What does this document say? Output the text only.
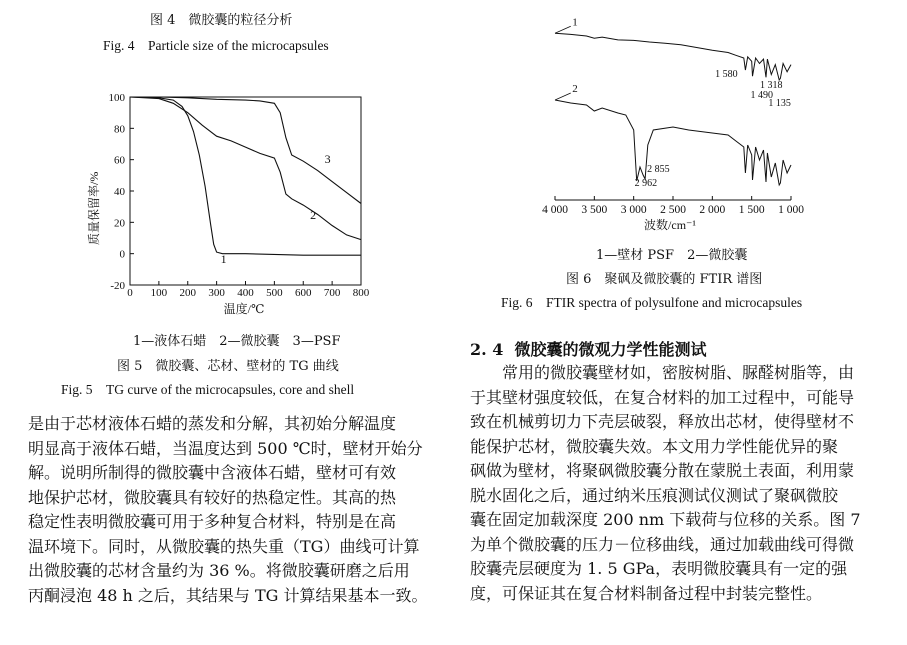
图 4　微胶囊的粒径分析
Fig. 4　Particle size of the microcapsules
质量保留率/%
温度/℃
0 100 200 300 400 500 600 700 800
-20
0
20
40
60
80
100
1
2
3
1—液体石蜡　2—微胶囊　3—PSF
图 5　微胶囊、芯材、壁材的 TG 曲线
Fig. 5　TG curve of the microcapsules, core and shell
波数/cm⁻¹
4 000 3 500 3 000 2 500 2 000 1 500 1 000
1
2
1 580
1 318
1 490
1 135
2 855
2 962
1—壁材 PSF　2—微胶囊
图 6　聚砜及微胶囊的 FTIR 谱图
Fig. 6　FTIR spectra of polysulfone and microcapsules
是由于芯材液体石蜡的蒸发和分解，其初始分解温度
明显高于液体石蜡，当温度达到 500 ℃时，壁材开始分
解。说明所制得的微胶囊中含液体石蜡，壁材可有效
地保护芯材，微胶囊具有较好的热稳定性。其高的热
稳定性表明微胶囊可用于多种复合材料，特别是在高
温环境下。同时，从微胶囊的热失重（TG）曲线可计算
出微胶囊的芯材含量约为 36 %。将微胶囊研磨之后用
丙酮浸泡 48 h 之后，其结果与 TG 计算结果基本一致。
2. 4 微胶囊的微观力学性能测试
　　常用的微胶囊壁材如，密胺树脂、脲醛树脂等，由
于其壁材强度较低，在复合材料的加工过程中，可能导
致在机械剪切力下壳层破裂，释放出芯材，使得壁材不
能保护芯材，微胶囊失效。本文用力学性能优异的聚
砜做为壁材，将聚砜微胶囊分散在蒙脱土表面，利用蒙
脱水固化之后，通过纳米压痕测试仪测试了聚砜微胶
囊在固定加载深度 200 nm 下载荷与位移的关系。图 7
为单个微胶囊的压力－位移曲线，通过加载曲线可得微
胶囊壳层硬度为 1. 5 GPa，表明微胶囊具有一定的强
度，可保证其在复合材料制备过程中封装完整性。
